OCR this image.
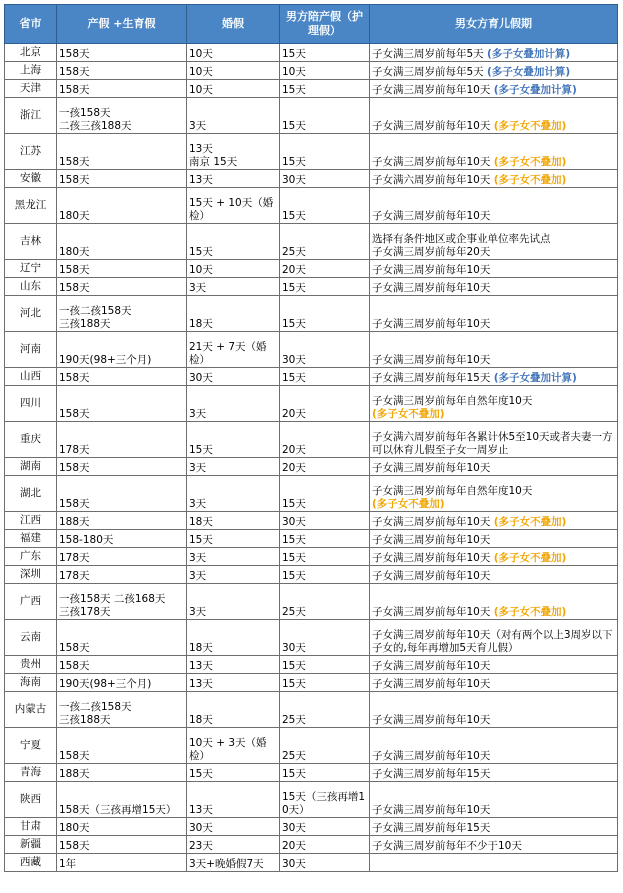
省市	产假 +生育假	婚假	男方陪产假（护理假）	男女方育儿假期
北京	158天	10天	15天	子女满三周岁前每年5天 (多子女叠加计算)
上海	158天	10天	10天	子女满三周岁前每年5天 (多子女叠加计算)
天津	158天	10天	15天	子女满三周岁前每年10天 (多子女叠加计算)
浙江	一孩158天
二孩三孩188天	3天	15天	子女满三周岁前每年10天 (多子女不叠加)
江苏	158天	13天
南京 15天	15天	子女满三周岁前每年10天 (多子女不叠加)
安徽	158天	13天	30天	子女满六周岁前每年10天 (多子女不叠加)
黑龙江	180天	15天 + 10天（婚检）	15天	子女满三周岁前每年10天
吉林	180天	15天	25天	选择有条件地区或企事业单位率先试点
子女满三周岁前每年20天
辽宁	158天	10天	20天	子女满三周岁前每年10天
山东	158天	3天	15天	子女满三周岁前每年10天
河北	一孩二孩158天
三孩188天	18天	15天	子女满三周岁前每年10天
河南	190天(98+三个月)	21天 + 7天（婚检）	30天	子女满三周岁前每年10天
山西	158天	30天	15天	子女满三周岁前每年15天 (多子女叠加计算)
四川	158天	3天	20天	子女满三周岁前每年自然年度10天
(多子女不叠加)
重庆	178天	15天	20天	子女满六周岁前每年各累计休5至10天或者夫妻一方可以休育儿假至子女一周岁止
湖南	158天	3天	20天	子女满三周岁前每年10天
湖北	158天	3天	15天	子女满三周岁前每年自然年度10天
(多子女不叠加)
江西	188天	18天	30天	子女满三周岁前每年10天 (多子女不叠加)
福建	158-180天	15天	15天	子女满三周岁前每年10天
广东	178天	3天	15天	子女满三周岁前每年10天 (多子女不叠加)
深圳	178天	3天	15天	子女满三周岁前每年10天
广西	一孩158天 二孩168天
三孩178天	3天	25天	子女满三周岁前每年10天 (多子女不叠加)
云南	158天	18天	30天	子女满三周岁前每年10天（对有两个以上3周岁以下子女的,每年再增加5天育儿假）
贵州	158天	13天	15天	子女满三周岁前每年10天
海南	190天(98+三个月)	13天	15天	子女满三周岁前每年10天
内蒙古	一孩二孩158天
三孩188天	18天	25天	子女满三周岁前每年10天
宁夏	158天	10天 + 3天（婚检）	25天	子女满三周岁前每年10天
青海	188天	15天	15天	子女满三周岁前每年15天
陕西	158天（三孩再增15天）	13天	15天（三孩再增10天）	子女满三周岁前每年10天
甘肃	180天	30天	30天	子女满三周岁前每年15天
新疆	158天	23天	20天	子女满三周岁前每年不少于10天
西藏	1年	3天+晚婚假7天	30天	
